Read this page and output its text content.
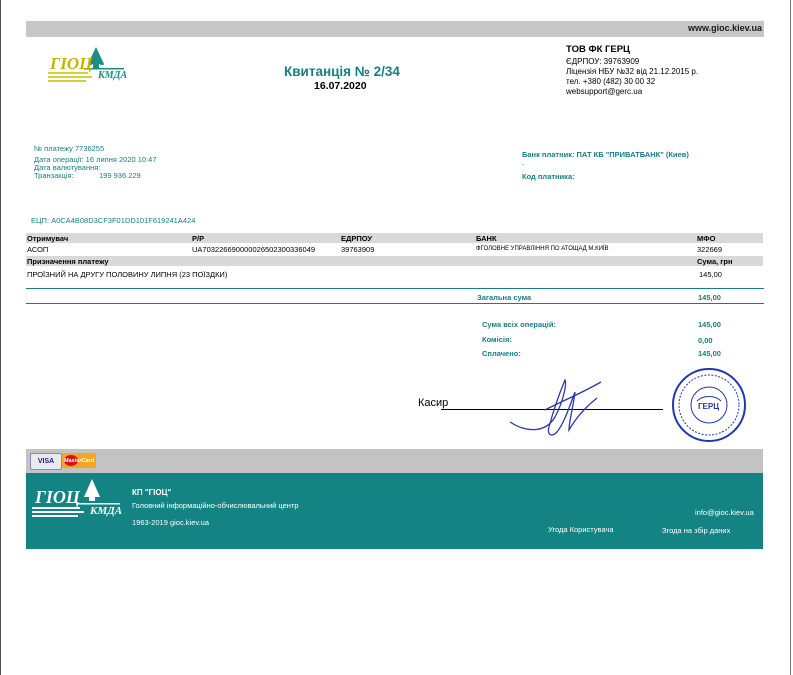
www.gioc.kiev.ua
ГІОЦ
КМДА	Квитанція № 2/34
16.07.2020
ТОВ ФК ГЕРЦ
ЄДРПОУ: 39763909
Ліцензія НБУ №32 від 21.12.2015 р.
тел. +380 (482) 30 00 32
websupport@gerc.ua
№ платежу 7736255
Дата операції: 16 липня 2020 10:47
Дата валютування:
Транзакція:	199 936 229
Банк платник: ПАТ КБ "ПРИВАТБАНК" (Киев)
-
Код платника:
ЕЦП: A0CA4B08D3CF3F01DD101F619241A424
Отримувач	Р/Р	ЕДРПОУ	БАНК	МФО
АСОП	UA703226690000026502300336049	39763909	ФГОЛОВНЕ УПРАВЛІННЯ ПО АТОЩАД М.КИЇВ	322669
Призначення платежу	Сума, грн
ПРОЇЗНИЙ НА ДРУГУ ПОЛОВИНУ ЛИПНЯ (23 ПОЇЗДКИ)	145,00
Загальна сума	145,00
Сума всіх операцій:	145,00
Комісія:	0,00
Сплачено:	145,00
Касир	ГЕРЦ
VISA	MasterCard
ГІОЦ
КМДА
КП "ГІОЦ"
Головний інформаційно-обчислювальний центр
1963-2019 gioc.kiev.ua
info@gioc.kiev.ua
Угода Користувача	Згода на збір даних
